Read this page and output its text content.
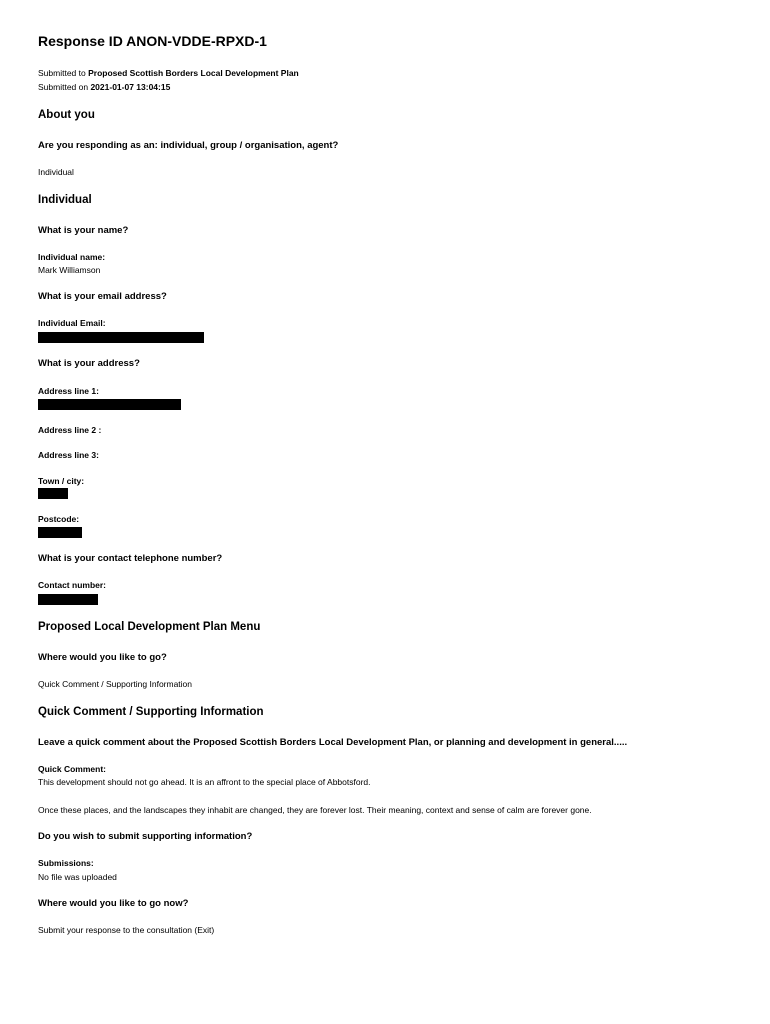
Response ID ANON-VDDE-RPXD-1
Submitted to Proposed Scottish Borders Local Development Plan
Submitted on 2021-01-07 13:04:15
About you
Are you responding as an: individual, group / organisation, agent?
Individual
Individual
What is your name?
Individual name:
Mark Williamson
What is your email address?
Individual Email:
What is your address?
Address line 1:
Address line 2 :
Address line 3:
Town / city:
Postcode:
What is your contact telephone number?
Contact number:
Proposed Local Development Plan Menu
Where would you like to go?
Quick Comment / Supporting Information
Quick Comment / Supporting Information
Leave a quick comment about the Proposed Scottish Borders Local Development Plan, or planning and development in general.....
Quick Comment:
This development should not go ahead. It is an affront to the special place of Abbotsford.
Once these places, and the landscapes they inhabit are changed, they are forever lost. Their meaning, context and sense of calm are forever gone.
Do you wish to submit supporting information?
Submissions:
No file was uploaded
Where would you like to go now?
Submit your response to the consultation (Exit)
